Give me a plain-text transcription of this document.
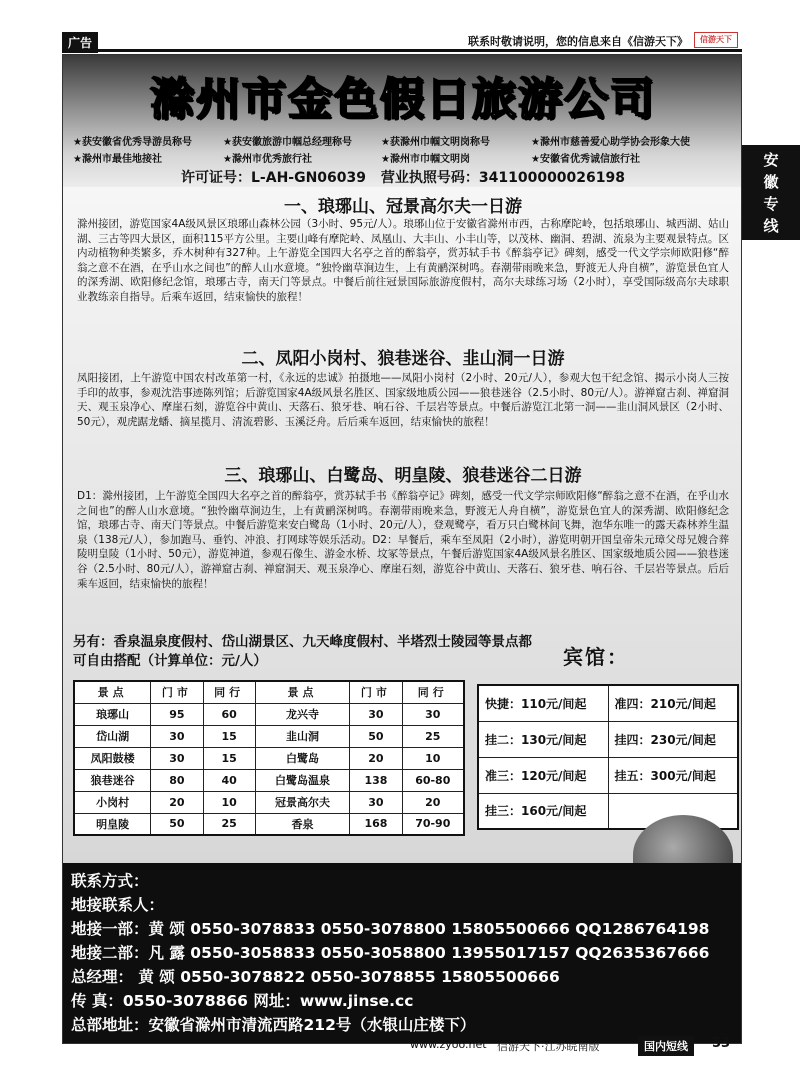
广告	联系时敬请说明，您的信息来自《信游天下》	信游天下
安
徽
专
线
滁州市金色假日旅游公司
★获安徽省优秀导游员称号	★获安徽旅游巾帼总经理称号	★获滁州巾帼文明岗称号	★滁州市慈善爱心助学协会形象大使
★滁州市最佳地接社	★滁州市优秀旅行社	★滁州市巾帼文明岗	★安徽省优秀诚信旅行社
许可证号：L-AH-GN06039 营业执照号码：341100000026198
一、琅琊山、冠景高尔夫一日游
滁州接团，游览国家4A级风景区琅琊山森林公园（3小时、95元/人）。琅琊山位于安徽省滁州市西，古称摩陀岭，包括琅琊山、城西湖、姑山湖、三古等四大景区，面积115平方公里。主要山峰有摩陀岭、凤凰山、大丰山、小丰山等，以茂林、幽洞、碧湖、流泉为主要观景特点。区内动植物种类繁多，乔木树种有327种。上午游览全国四大名亭之首的醉翁亭，赏苏轼手书《醉翁亭记》碑刻，感受一代文学宗师欧阳修“醉翁之意不在酒，在乎山水之间也”的醉人山水意境。“独怜幽草涧边生，上有黄鹂深树鸣。春潮带雨晚来急，野渡无人舟自横”，游览景色宜人的深秀湖、欧阳修纪念馆，琅琊古寺，南天门等景点。中餐后前往冠景国际旅游度假村，高尔夫球练习场（2小时），享受国际级高尔夫球职业教练亲自指导。后乘车返回，结束愉快的旅程！
二、凤阳小岗村、狼巷迷谷、韭山洞一日游
凤阳接团，上午游览中国农村改革第一村，《永远的忠诚》拍摄地——凤阳小岗村（2小时、20元/人），参观大包干纪念馆、揭示小岗人三按手印的故事，参观沈浩事迹陈列馆；后游览国家4A级风景名胜区、国家级地质公园——狼巷迷谷（2.5小时、80元/人）。游禅窟古刹、禅窟洞天、观玉泉净心、摩崖石刻，游览谷中黄山、天落石、狼牙巷、响石谷、千层岩等景点。中餐后游览江北第一洞——韭山洞风景区（2小时、50元），观虎踞龙蟠、摘星揽月、清流碧影、玉溪泛舟。后后乘车返回，结束愉快的旅程！
三、琅琊山、白鹭岛、明皇陵、狼巷迷谷二日游
D1：滁州接团，上午游览全国四大名亭之首的醉翁亭，赏苏轼手书《醉翁亭记》碑刻，感受一代文学宗师欧阳修“醉翁之意不在酒，在乎山水之间也”的醉人山水意境。“独怜幽草涧边生，上有黄鹂深树鸣。春潮带雨晚来急，野渡无人舟自横”，游览景色宜人的深秀湖、欧阳修纪念馆，琅琊古寺、南天门等景点。中餐后游览来安白鹭岛（1小时、20元/人），登观鹭亭，看万只白鹭林间飞舞，泡华东唯一的露天森林养生温泉（138元/人），参加跑马、垂钓、冲浪、打网球等娱乐活动。D2：早餐后，乘车至凤阳（2小时），游览明朝开国皇帝朱元璋父母兄嫂合葬陵明皇陵（1小时、50元），游览神道，参观石像生、游金水桥、坟冢等景点，午餐后游览国家4A级风景名胜区、国家级地质公园——狼巷迷谷（2.5小时、80元/人），游禅窟古刹、禅窟洞天、观玉泉净心、摩崖石刻，游览谷中黄山、天落石、狼牙巷、响石谷、千层岩等景点。后后乘车返回，结束愉快的旅程！
另有：香泉温泉度假村、岱山湖景区、九天峰度假村、半塔烈士陵园等景点都可自由搭配（计算单位：元/人）	宾馆：
景点	门市	同行	景点	门市	同行
琅琊山	95	60	龙兴寺	30	30
岱山湖	30	15	韭山洞	50	25
凤阳鼓楼	30	15	白鹭岛	20	10
狼巷迷谷	80	40	白鹭岛温泉	138	60-80
小岗村	20	10	冠景高尔夫	30	20
明皇陵	50	25	香泉	168	70-90
快捷：110元/间起	准四：210元/间起
挂二：130元/间起	挂四：230元/间起
准三：120元/间起	挂五：300元/间起
挂三：160元/间起	
联系方式：
地接联系人：
地接一部：黄 颂 0550-3078833 0550-3078800 15805500666 QQ1286764198
地接二部：凡 露 0550-3058833 0550-3058800 13955017157 QQ2635367666
总经理： 黄 颂 0550-3078822 0550-3078855 15805500666
传 真：0550-3078866 网址：www.jinse.cc
总部地址：安徽省滁州市清流西路212号（水银山庄楼下）
www.zyoo.net 信游天下·江苏皖南版	国内短线	53
